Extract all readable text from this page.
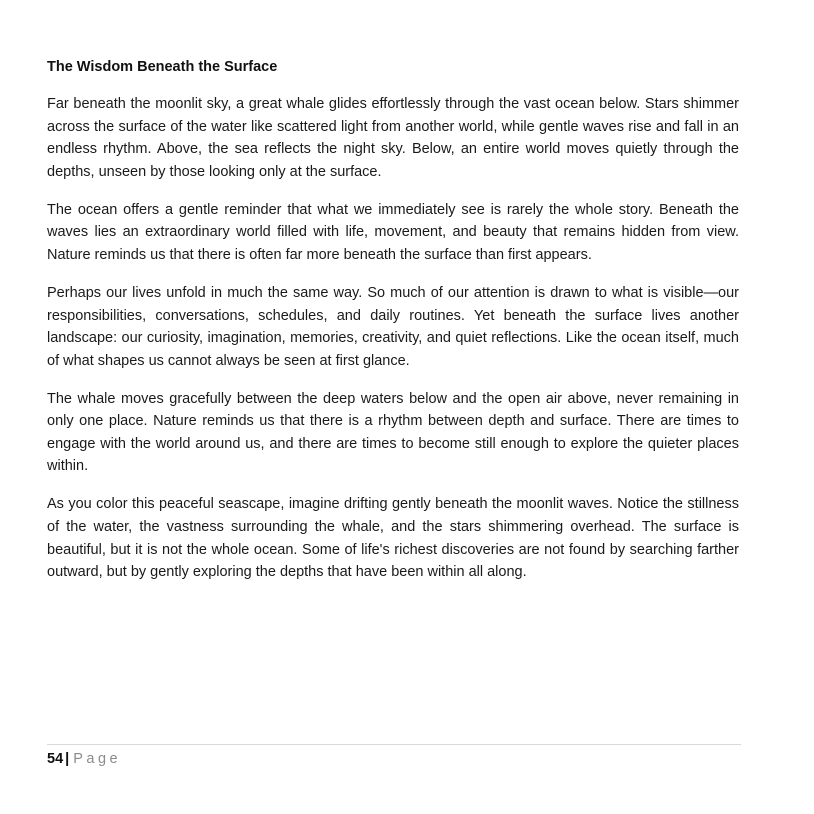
The Wisdom Beneath the Surface

Far beneath the moonlit sky, a great whale glides effortlessly through the vast ocean below. Stars shimmer across the surface of the water like scattered light from another world, while gentle waves rise and fall in an endless rhythm. Above, the sea reflects the night sky. Below, an entire world moves quietly through the depths, unseen by those looking only at the surface.

The ocean offers a gentle reminder that what we immediately see is rarely the whole story. Beneath the waves lies an extraordinary world filled with life, movement, and beauty that remains hidden from view. Nature reminds us that there is often far more beneath the surface than first appears.

Perhaps our lives unfold in much the same way. So much of our attention is drawn to what is visible—our responsibilities, conversations, schedules, and daily routines. Yet beneath the surface lives another landscape: our curiosity, imagination, memories, creativity, and quiet reflections. Like the ocean itself, much of what shapes us cannot always be seen at first glance.

The whale moves gracefully between the deep waters below and the open air above, never remaining in only one place. Nature reminds us that there is a rhythm between depth and surface. There are times to engage with the world around us, and there are times to become still enough to explore the quieter places within.

As you color this peaceful seascape, imagine drifting gently beneath the moonlit waves. Notice the stillness of the water, the vastness surrounding the whale, and the stars shimmering overhead. The surface is beautiful, but it is not the whole ocean. Some of life's richest discoveries are not found by searching farther outward, but by gently exploring the depths that have been within all along.

54 | Page
